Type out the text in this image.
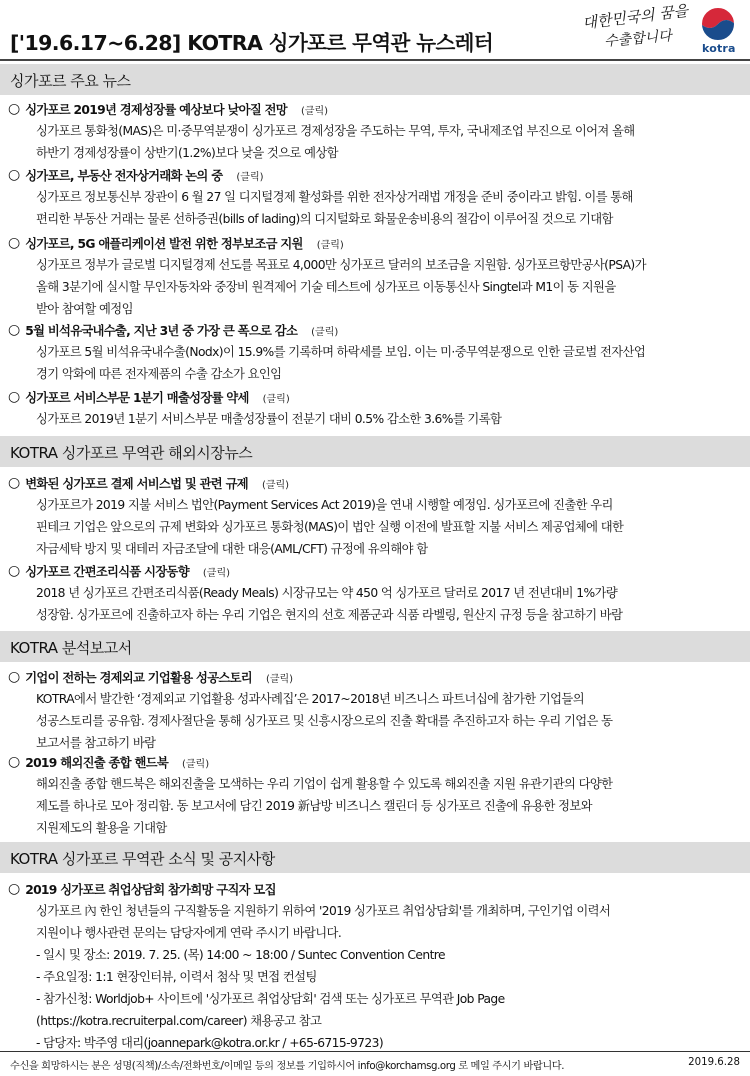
['19.6.17~6.28] KOTRA 싱가포르 무역관 뉴스레터
대한민국의 꿈을
수출합니다	kotra
싱가포르 주요 뉴스
○ 싱가포르 2019년 경제성장률 예상보다 낮아질 전망 (클릭)
싱가포르 통화청(MAS)은 미·중무역분쟁이 싱가포르 경제성장을 주도하는 무역, 투자, 국내제조업 부진으로 이어져 올해
하반기 경제성장률이 상반기(1.2%)보다 낮을 것으로 예상함
○ 싱가포르, 부동산 전자상거래화 논의 중 (클릭)
싱가포르 정보통신부 장관이 6 월 27 일 디지털경제 활성화를 위한 전자상거래법 개정을 준비 중이라고 밝힘. 이를 통해
편리한 부동산 거래는 물론 선하증권(bills of lading)의 디지털화로 화물운송비용의 절감이 이루어질 것으로 기대함
○ 싱가포르, 5G 애플리케이션 발전 위한 정부보조금 지원 (클릭)
싱가포르 정부가 글로벌 디지털경제 선도를 목표로 4,000만 싱가포르 달러의 보조금을 지원함. 싱가포르항만공사(PSA)가
올해 3분기에 실시할 무인자동차와 중장비 원격제어 기술 테스트에 싱가포르 이동통신사 Singtel과 M1이 동 지원을
받아 참여할 예정임
○ 5월 비석유국내수출, 지난 3년 중 가장 큰 폭으로 감소 (클릭)
싱가포르 5월 비석유국내수출(Nodx)이 15.9%를 기록하며 하락세를 보임. 이는 미·중무역분쟁으로 인한 글로벌 전자산업
경기 악화에 따른 전자제품의 수출 감소가 요인임
○ 싱가포르 서비스부문 1분기 매출성장률 약세 (클릭)
싱가포르 2019년 1분기 서비스부문 매출성장률이 전분기 대비 0.5% 감소한 3.6%를 기록함
KOTRA 싱가포르 무역관 해외시장뉴스
○ 변화된 싱가포르 결제 서비스법 및 관련 규제 (클릭)
싱가포르가 2019 지불 서비스 법안(Payment Services Act 2019)을 연내 시행할 예정임. 싱가포르에 진출한 우리
핀테크 기업은 앞으로의 규제 변화와 싱가포르 통화청(MAS)이 법안 실행 이전에 발표할 지불 서비스 제공업체에 대한
자금세탁 방지 및 대테러 자금조달에 대한 대응(AML/CFT) 규정에 유의해야 함
○ 싱가포르 간편조리식품 시장동향 (클릭)
2018 년 싱가포르 간편조리식품(Ready Meals) 시장규모는 약 450 억 싱가포르 달러로 2017 년 전년대비 1%가량
성장함. 싱가포르에 진출하고자 하는 우리 기업은 현지의 선호 제품군과 식품 라벨링, 원산지 규정 등을 참고하기 바람
KOTRA 분석보고서
○ 기업이 전하는 경제외교 기업활용 성공스토리 (클릭)
KOTRA에서 발간한 ‘경제외교 기업활용 성과사례집’은 2017~2018년 비즈니스 파트너십에 참가한 기업들의
성공스토리를 공유함. 경제사절단을 통해 싱가포르 및 신흥시장으로의 진출 확대를 추진하고자 하는 우리 기업은 동
보고서를 참고하기 바람
○ 2019 해외진출 종합 핸드북 (클릭)
해외진출 종합 핸드북은 해외진출을 모색하는 우리 기업이 쉽게 활용할 수 있도록 해외진출 지원 유관기관의 다양한
제도를 하나로 모아 정리함. 동 보고서에 담긴 2019 新남방 비즈니스 캘린더 등 싱가포르 진출에 유용한 정보와
지원제도의 활용을 기대함
KOTRA 싱가포르 무역관 소식 및 공지사항
○ 2019 싱가포르 취업상담회 참가희망 구직자 모집
싱가포르 內 한인 청년들의 구직활동을 지원하기 위하여 '2019 싱가포르 취업상담회'를 개최하며, 구인기업 이력서
지원이나 행사관련 문의는 담당자에게 연락 주시기 바랍니다.
- 일시 및 장소: 2019. 7. 25. (목) 14:00 ~ 18:00 / Suntec Convention Centre
- 주요일정: 1:1 현장인터뷰, 이력서 첨삭 및 면접 컨설팅
- 참가신청: Worldjob+ 사이트에 '싱가포르 취업상담회' 검색 또는 싱가포르 무역관 Job Page
(https://kotra.recruiterpal.com/career) 채용공고 참고
- 담당자: 박주영 대리(joannepark@kotra.or.kr / +65-6715-9723)
수신을 희망하시는 분은 성명(직책)/소속/전화번호/이메일 등의 정보를 기입하시어 info@korchamsg.org 로 메일 주시기 바랍니다.	2019.6.28
